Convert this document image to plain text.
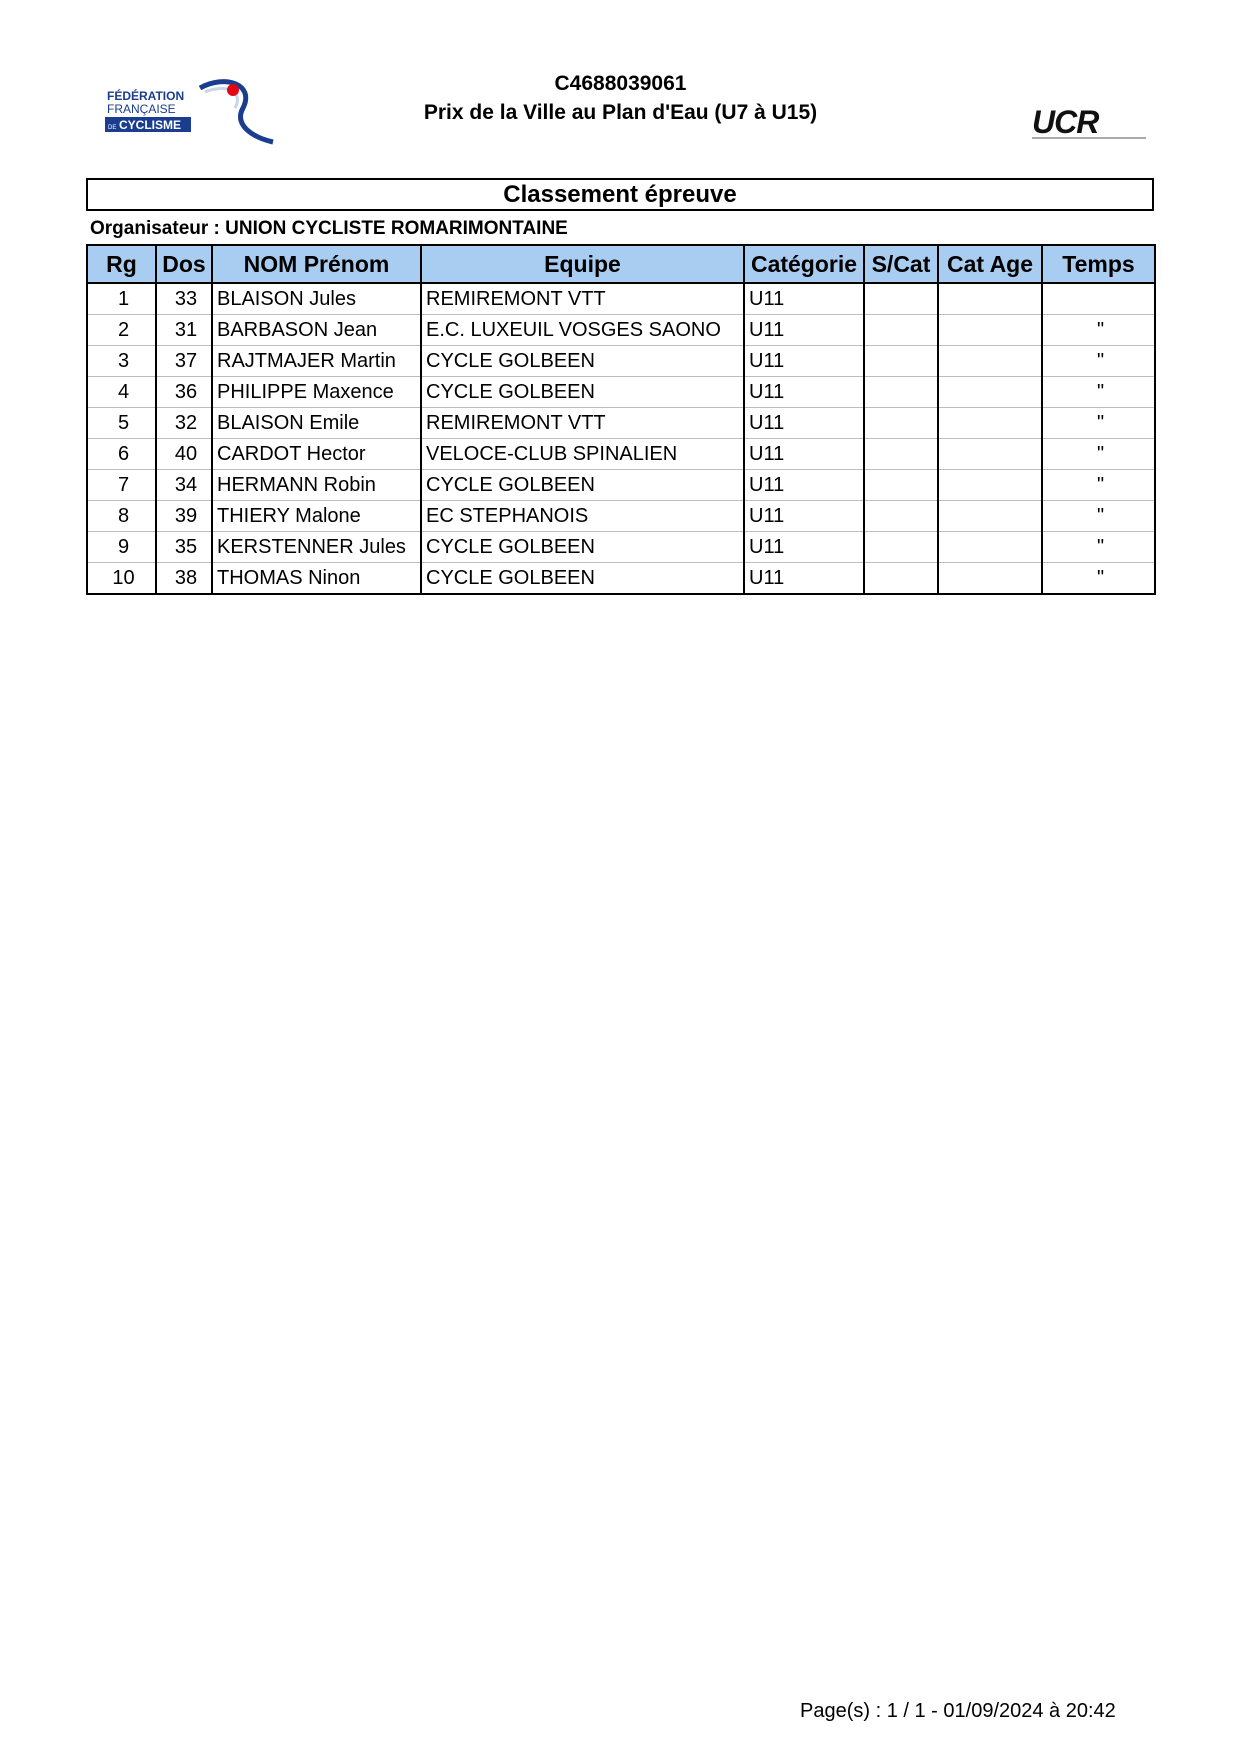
FÉDÉRATION
FRANÇAISE
DE CYCLISME	UCR
C4688039061
Prix de la Ville au Plan d'Eau (U7 à U15)
Classement épreuve
Organisateur : UNION CYCLISTE ROMARIMONTAINE
Rg	Dos	NOM Prénom	Equipe	Catégorie	S/Cat	Cat Age	Temps
1	33	BLAISON Jules	REMIREMONT VTT	U11			
2	31	BARBASON Jean	E.C. LUXEUIL VOSGES SAONO	U11			"
3	37	RAJTMAJER Martin	CYCLE GOLBEEN	U11			"
4	36	PHILIPPE Maxence	CYCLE GOLBEEN	U11			"
5	32	BLAISON Emile	REMIREMONT VTT	U11			"
6	40	CARDOT Hector	VELOCE-CLUB SPINALIEN	U11			"
7	34	HERMANN Robin	CYCLE GOLBEEN	U11			"
8	39	THIERY Malone	EC STEPHANOIS	U11			"
9	35	KERSTENNER Jules	CYCLE GOLBEEN	U11			"
10	38	THOMAS Ninon	CYCLE GOLBEEN	U11			"
Page(s) : 1 / 1 - 01/09/2024 à 20:42
